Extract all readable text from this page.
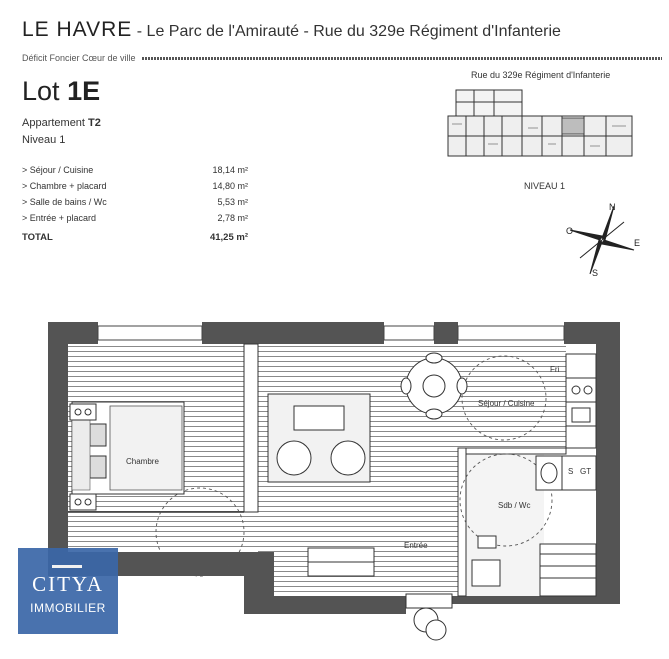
LE HAVRE - Le Parc de l'Amirauté - Rue du 329e Régiment d'Infanterie
Déficit Foncier Cœur de ville
Lot 1E
Appartement T2
Niveau 1
> Séjour / Cuisine	18,14 m²
> Chambre + placard	14,80 m²
> Salle de bains / Wc	5,53 m²
> Entrée + placard	2,78 m²
TOTAL	41,25 m²
Rue du 329e Régiment d'Infanterie
NIVEAU 1
N
E
S
O
Chambre
Séjour / Cuisine
Sdb / Wc
Entrée
GT
Fri
S
▬▬▬
CITYA
IMMOBILIER
